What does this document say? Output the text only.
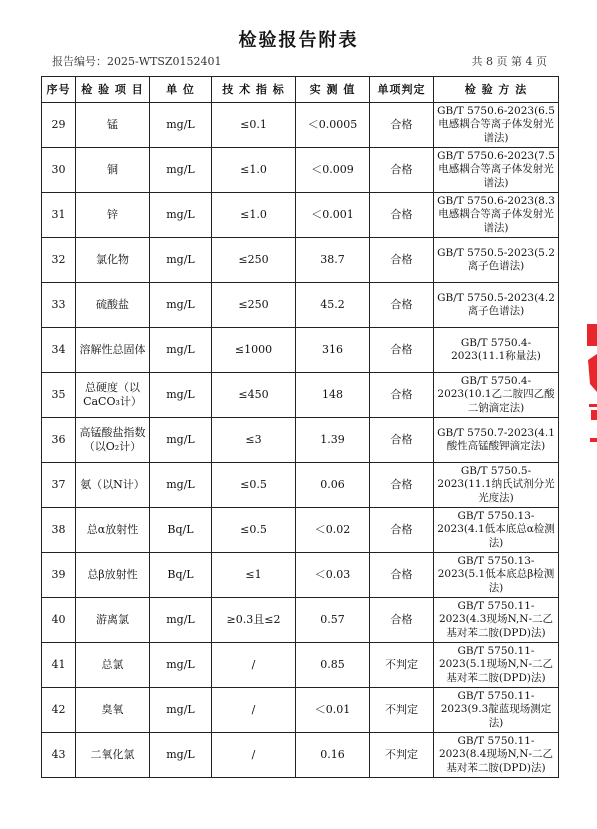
检验报告附表
报告编号：2025-WTSZ0152401	共 8 页 第 4 页
序号	检 验 项 目	单 位	技 术 指 标	实 测 值	单项判定	检 验 方 法
29	锰	mg/L	≤0.1	＜0.0005	合格	GB/T 5750.6-2023(6.5电感耦合等离子体发射光谱法)
30	铜	mg/L	≤1.0	＜0.009	合格	GB/T 5750.6-2023(7.5电感耦合等离子体发射光谱法)
31	锌	mg/L	≤1.0	＜0.001	合格	GB/T 5750.6-2023(8.3电感耦合等离子体发射光谱法)
32	氯化物	mg/L	≤250	38.7	合格	GB/T 5750.5-2023(5.2离子色谱法)
33	硫酸盐	mg/L	≤250	45.2	合格	GB/T 5750.5-2023(4.2离子色谱法)
34	溶解性总固体	mg/L	≤1000	316	合格	GB/T 5750.4-2023(11.1称量法)
35	总硬度（以CaCO₃计）	mg/L	≤450	148	合格	GB/T 5750.4-2023(10.1乙二胺四乙酸二钠滴定法)
36	高锰酸盐指数（以O₂计）	mg/L	≤3	1.39	合格	GB/T 5750.7-2023(4.1酸性高锰酸钾滴定法)
37	氨（以N计）	mg/L	≤0.5	0.06	合格	GB/T 5750.5-2023(11.1纳氏试剂分光光度法)
38	总α放射性	Bq/L	≤0.5	＜0.02	合格	GB/T 5750.13-2023(4.1低本底总α检测法)
39	总β放射性	Bq/L	≤1	＜0.03	合格	GB/T 5750.13-2023(5.1低本底总β检测法)
40	游离氯	mg/L	≥0.3且≤2	0.57	合格	GB/T 5750.11-2023(4.3现场N,N-二乙基对苯二胺(DPD)法)
41	总氯	mg/L	/	0.85	不判定	GB/T 5750.11-2023(5.1现场N,N-二乙基对苯二胺(DPD)法)
42	臭氧	mg/L	/	＜0.01	不判定	GB/T 5750.11-2023(9.3靛蓝现场测定法)
43	二氧化氯	mg/L	/	0.16	不判定	GB/T 5750.11-2023(8.4现场N,N-二乙基对苯二胺(DPD)法)
